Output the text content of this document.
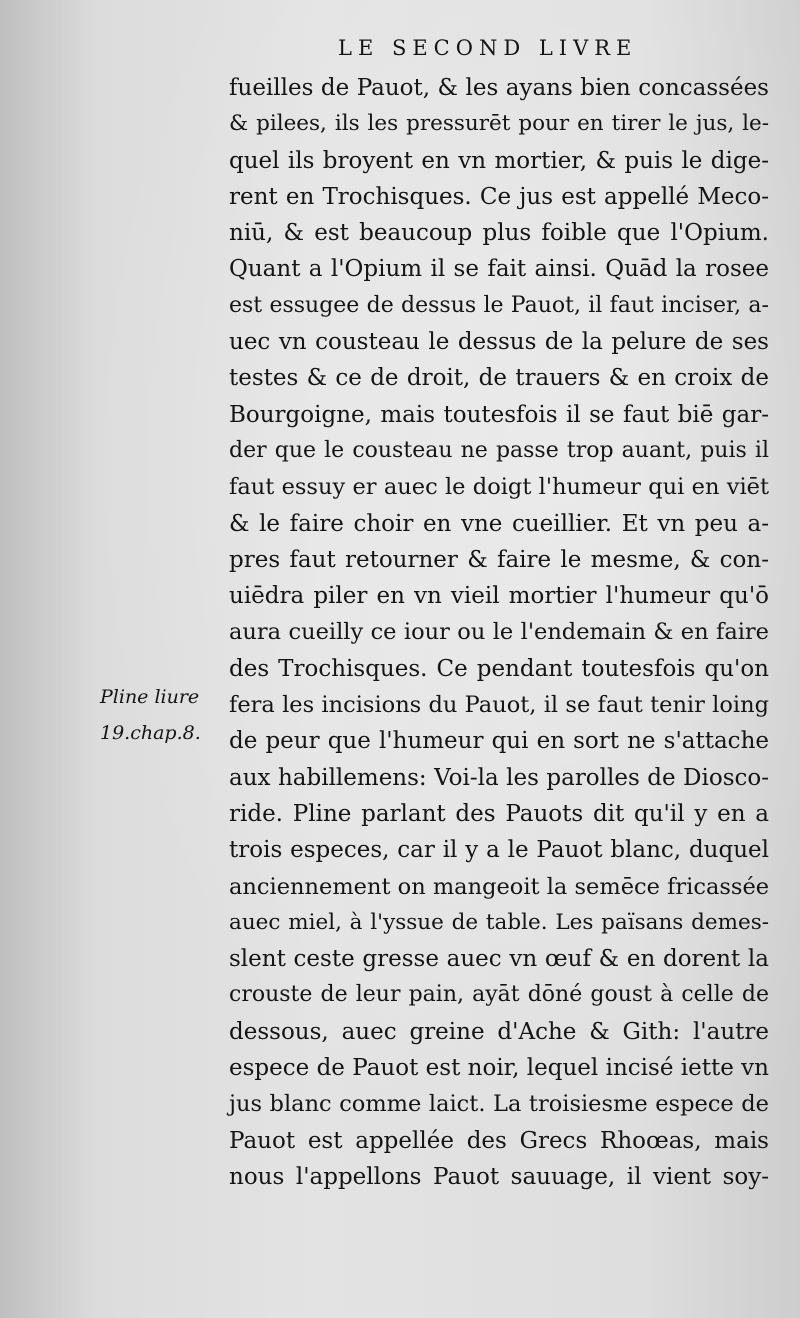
LE SECOND LIVRE
Pline liure
19.chap.8.
fueilles de Pauot, & les ayans bien concassées
& pilees, ils les pressurēt pour en tirer le jus, le-
quel ils broyent en vn mortier, & puis le dige-
rent en Trochisques. Ce jus est appellé Meco-
niū, & est beaucoup plus foible que l'Opium.
Quant a l'Opium il se fait ainsi. Quād la rosee
est essugee de dessus le Pauot, il faut inciser, a-
uec vn cousteau le dessus de la pelure de ses
testes & ce de droit, de trauers & en croix de
Bourgoigne, mais toutesfois il se faut biē gar-
der que le cousteau ne passe trop auant, puis il
faut essuy er auec le doigt l'humeur qui en viēt
& le faire choir en vne cueillier. Et vn peu a-
pres faut retourner & faire le mesme, & con-
uiēdra piler en vn vieil mortier l'humeur qu'ō
aura cueilly ce iour ou le l'endemain & en faire
des Trochisques. Ce pendant toutesfois qu'on
fera les incisions du Pauot, il se faut tenir loing
de peur que l'humeur qui en sort ne s'attache
aux habillemens: Voi-la les parolles de Diosco-
ride. Pline parlant des Pauots dit qu'il y en a
trois especes, car il y a le Pauot blanc, duquel
anciennement on mangeoit la semēce fricassée
auec miel, à l'yssue de table. Les païsans demes-
slent ceste gresse auec vn œuf & en dorent la
crouste de leur pain, ayāt dōné goust à celle de
dessous, auec greine d'Ache & Gith: l'autre
espece de Pauot est noir, lequel incisé iette vn
jus blanc comme laict. La troisiesme espece de
Pauot est appellée des Grecs Rhoœas, mais
nous l'appellons Pauot sauuage, il vient soy-
